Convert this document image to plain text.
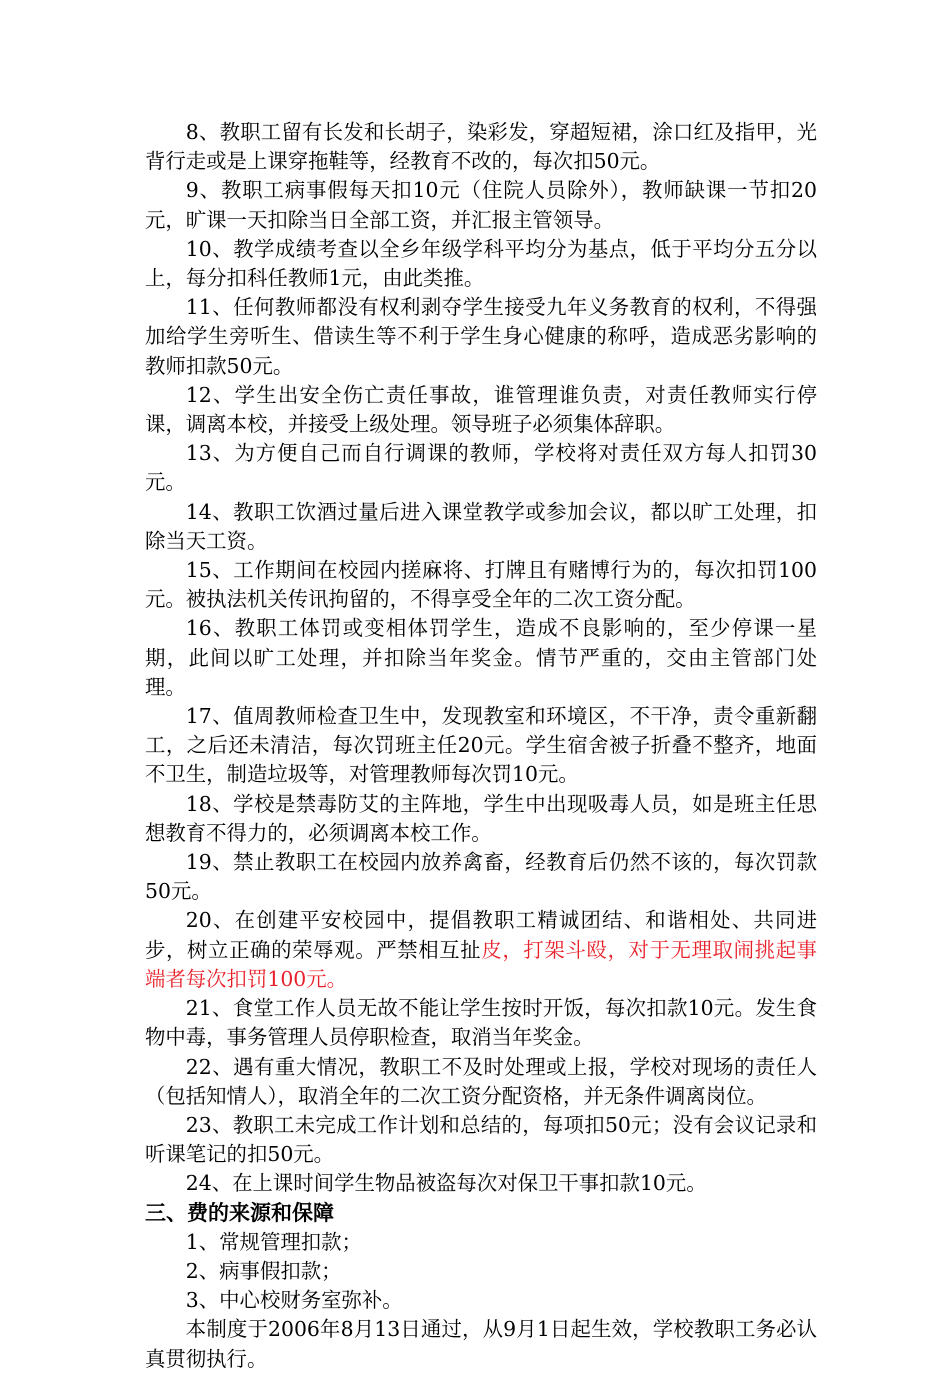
8、教职工留有长发和长胡子，染彩发，穿超短裙，涂口红及指甲，光背行走或是上课穿拖鞋等，经教育不改的，每次扣50元。

9、教职工病事假每天扣10元（住院人员除外），教师缺课一节扣20元，旷课一天扣除当日全部工资，并汇报主管领导。

10、教学成绩考查以全乡年级学科平均分为基点，低于平均分五分以上，每分扣科任教师1元，由此类推。

11、任何教师都没有权利剥夺学生接受九年义务教育的权利，不得强加给学生旁听生、借读生等不利于学生身心健康的称呼，造成恶劣影响的教师扣款50元。

12、学生出安全伤亡责任事故，谁管理谁负责，对责任教师实行停课，调离本校，并接受上级处理。领导班子必须集体辞职。

13、为方便自己而自行调课的教师，学校将对责任双方每人扣罚30元。

14、教职工饮酒过量后进入课堂教学或参加会议，都以旷工处理，扣除当天工资。

15、工作期间在校园内搓麻将、打牌且有赌博行为的，每次扣罚100元。被执法机关传讯拘留的，不得享受全年的二次工资分配。

16、教职工体罚或变相体罚学生，造成不良影响的，至少停课一星期，此间以旷工处理，并扣除当年奖金。情节严重的，交由主管部门处理。

17、值周教师检查卫生中，发现教室和环境区，不干净，责令重新翻工，之后还未清洁，每次罚班主任20元。学生宿舍被子折叠不整齐，地面不卫生，制造垃圾等，对管理教师每次罚10元。

18、学校是禁毒防艾的主阵地，学生中出现吸毒人员，如是班主任思想教育不得力的，必须调离本校工作。

19、禁止教职工在校园内放养禽畜，经教育后仍然不该的，每次罚款50元。

20、在创建平安校园中，提倡教职工精诚团结、和谐相处、共同进步，树立正确的荣辱观。严禁相互扯皮，打架斗殴，对于无理取闹挑起事端者每次扣罚100元。

21、食堂工作人员无故不能让学生按时开饭，每次扣款10元。发生食物中毒，事务管理人员停职检查，取消当年奖金。

22、遇有重大情况，教职工不及时处理或上报，学校对现场的责任人（包括知情人），取消全年的二次工资分配资格，并无条件调离岗位。

23、教职工未完成工作计划和总结的，每项扣50元；没有会议记录和听课笔记的扣50元。

24、在上课时间学生物品被盗每次对保卫干事扣款10元。

三、费的来源和保障

1、常规管理扣款；

2、病事假扣款；

3、中心校财务室弥补。

本制度于2006年8月13日通过，从9月1日起生效，学校教职工务必认真贯彻执行。
